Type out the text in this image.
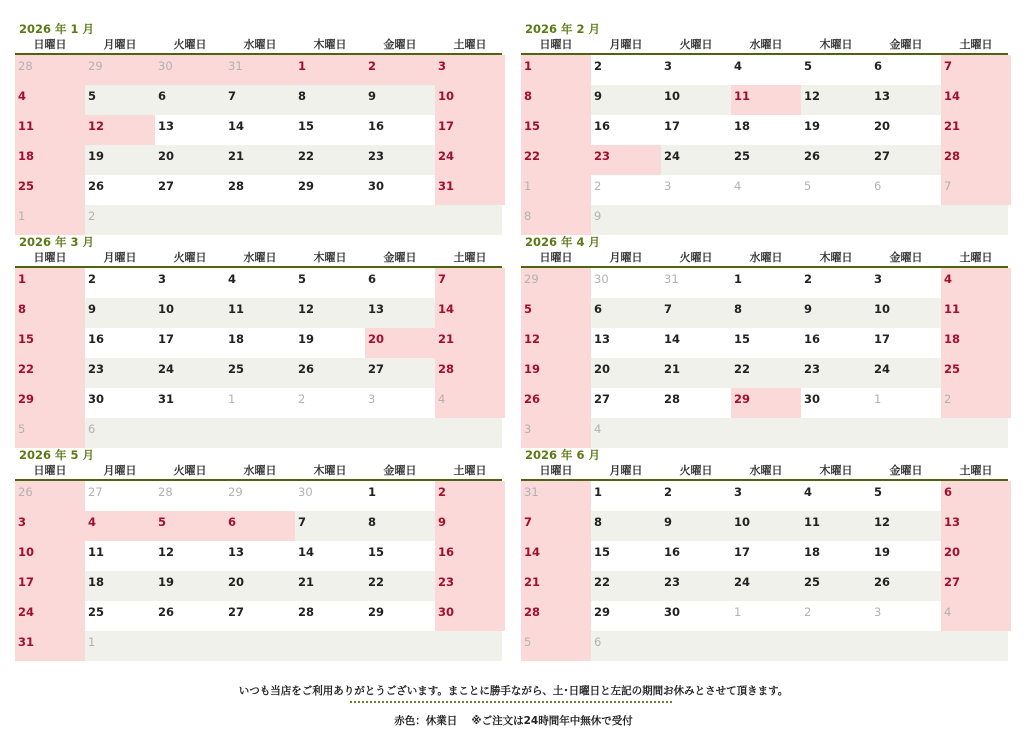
2026 年 1 月
日曜日	月曜日	火曜日	水曜日	木曜日	金曜日	土曜日
28	29	30	31	1	2	3
4	5	6	7	8	9	10
11	12	13	14	15	16	17
18	19	20	21	22	23	24
25	26	27	28	29	30	31
1	2
2026 年 2 月
日曜日	月曜日	火曜日	水曜日	木曜日	金曜日	土曜日
1	2	3	4	5	6	7
8	9	10	11	12	13	14
15	16	17	18	19	20	21
22	23	24	25	26	27	28
1	2	3	4	5	6	7
8	9
2026 年 3 月
日曜日	月曜日	火曜日	水曜日	木曜日	金曜日	土曜日
1	2	3	4	5	6	7
8	9	10	11	12	13	14
15	16	17	18	19	20	21
22	23	24	25	26	27	28
29	30	31	1	2	3	4
5	6
2026 年 4 月
日曜日	月曜日	火曜日	水曜日	木曜日	金曜日	土曜日
29	30	31	1	2	3	4
5	6	7	8	9	10	11
12	13	14	15	16	17	18
19	20	21	22	23	24	25
26	27	28	29	30	1	2
3	4
2026 年 5 月
日曜日	月曜日	火曜日	水曜日	木曜日	金曜日	土曜日
26	27	28	29	30	1	2
3	4	5	6	7	8	9
10	11	12	13	14	15	16
17	18	19	20	21	22	23
24	25	26	27	28	29	30
31	1
2026 年 6 月
日曜日	月曜日	火曜日	水曜日	木曜日	金曜日	土曜日
31	1	2	3	4	5	6
7	8	9	10	11	12	13
14	15	16	17	18	19	20
21	22	23	24	25	26	27
28	29	30	1	2	3	4
5	6
いつも当店をご利用ありがとうございます。まことに勝手ながら、土･日曜日と左記の期間お休みとさせて頂きます。
赤色：休業日　 ※ご注文は24時間年中無休で受付
